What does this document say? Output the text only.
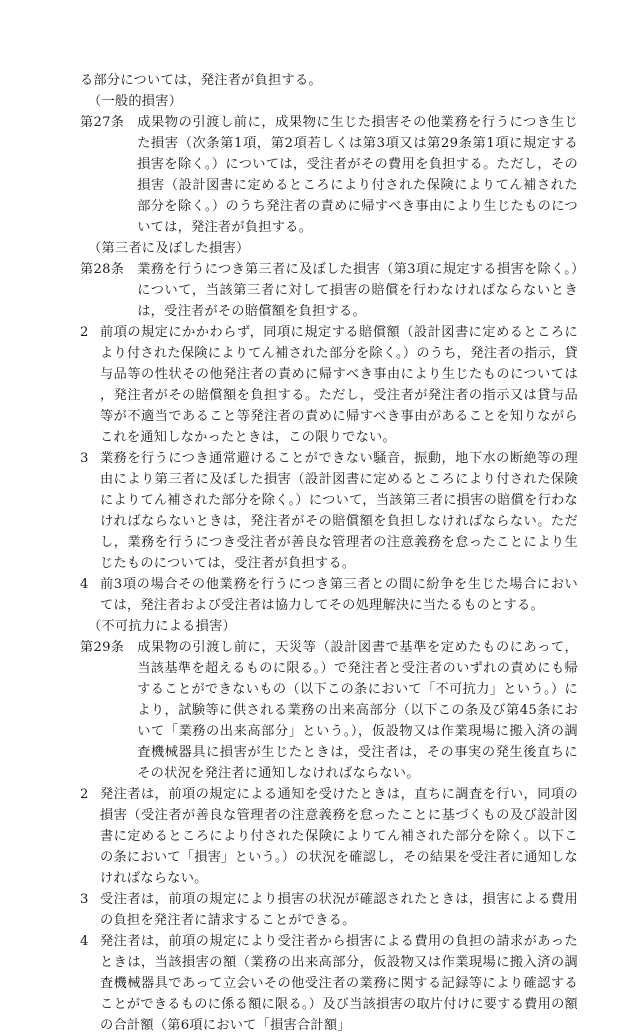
る部分については，発注者が負担する。

（一般的損害）

第27条 成果物の引渡し前に，成果物に生じた損害その他業務を行うにつき生じた損害（次条第1項，第2項若しくは第3項又は第29条第1項に規定する損害を除く。）については，受注者がその費用を負担する。ただし，その損害（設計図書に定めるところにより付された保険によりてん補された部分を除く。）のうち発注者の責めに帰すべき事由により生じたものについては，発注者が負担する。

（第三者に及ぼした損害）

第28条 業務を行うにつき第三者に及ぼした損害（第3項に規定する損害を除く。）について，当該第三者に対して損害の賠償を行わなければならないときは，受注者がその賠償額を負担する。
2 前項の規定にかかわらず，同項に規定する賠償額（設計図書に定めるところにより付された保険によりてん補された部分を除く。）のうち，発注者の指示，貸与品等の性状その他発注者の責めに帰すべき事由により生じたものについては，発注者がその賠償額を負担する。ただし，受注者が発注者の指示又は貸与品等が不適当であること等発注者の責めに帰すべき事由があることを知りながらこれを通知しなかったときは，この限りでない。
3 業務を行うにつき通常避けることができない騒音，振動，地下水の断絶等の理由により第三者に及ぼした損害（設計図書に定めるところにより付された保険によりてん補された部分を除く。）について，当該第三者に損害の賠償を行わなければならないときは，発注者がその賠償額を負担しなければならない。ただし，業務を行うにつき受注者が善良な管理者の注意義務を怠ったことにより生じたものについては，受注者が負担する。
4 前3項の場合その他業務を行うにつき第三者との間に紛争を生じた場合においては，発注者および受注者は協力してその処理解決に当たるものとする。

（不可抗力による損害）

第29条 成果物の引渡し前に，天災等（設計図書で基準を定めたものにあって，当該基準を超えるものに限る。）で発注者と受注者のいずれの責めにも帰することができないもの（以下この条において「不可抗力」という。）により，試験等に供される業務の出来高部分（以下この条及び第45条において「業務の出来高部分」という。），仮設物又は作業現場に搬入済の調査機械器具に損害が生じたときは，受注者は，その事実の発生後直ちにその状況を発注者に通知しなければならない。
2 発注者は，前項の規定による通知を受けたときは，直ちに調査を行い，同項の損害（受注者が善良な管理者の注意義務を怠ったことに基づくもの及び設計図書に定めるところにより付された保険によりてん補された部分を除く。以下この条において「損害」という。）の状況を確認し，その結果を受注者に通知しなければならない。
3 受注者は，前項の規定により損害の状況が確認されたときは，損害による費用の負担を発注者に請求することができる。
4 発注者は，前項の規定により受注者から損害による費用の負担の請求があったときは，当該損害の額（業務の出来高部分，仮設物又は作業現場に搬入済の調査機械器具であって立会いその他受注者の業務に関する記録等により確認することができるものに係る額に限る。）及び当該損害の取片付けに要する費用の額の合計額（第6項において「損害合計額」
